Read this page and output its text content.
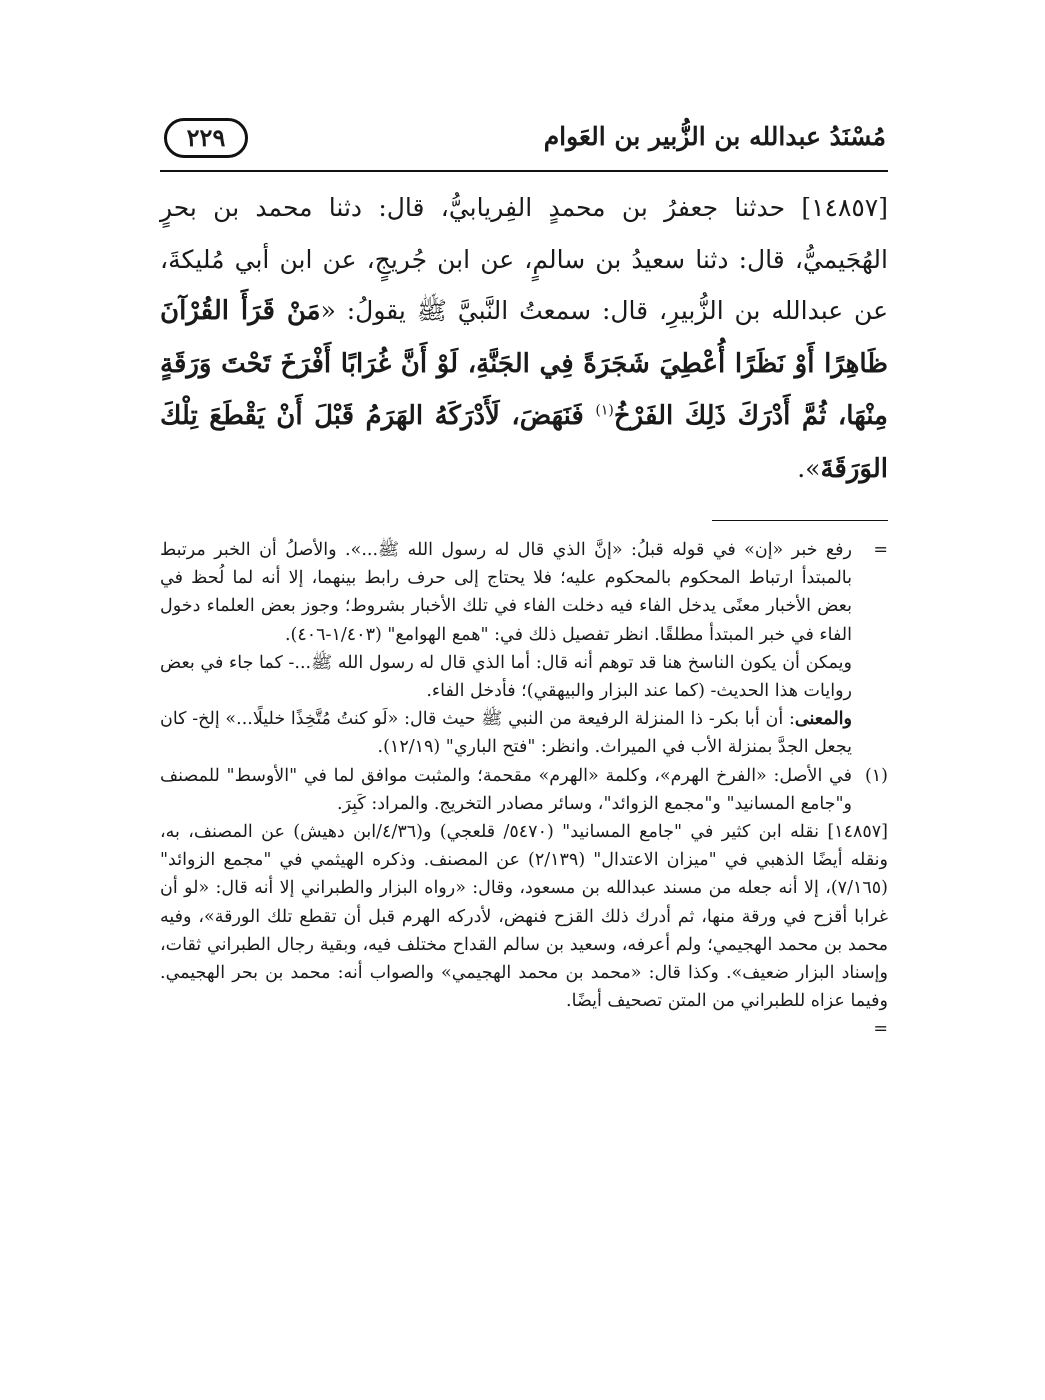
مُسْنَدُ عبدالله بن الزُّبير بن العَوام
٢٢٩
[١٤٨٥٧] حدثنا جعفرُ بن محمدٍ الفِريابيُّ، قال: دثنا محمد بن بحرٍ الهُجَيميُّ، قال: دثنا سعيدُ بن سالمٍ، عن ابن جُريجٍ، عن ابن أبي مُليكةَ، عن عبدالله بن الزُّبيرِ، قال: سمعتُ النَّبيَّ ﷺ يقولُ: «مَنْ قَرَأَ القُرْآنَ ظَاهِرًا أَوْ نَظَرًا أُعْطِيَ شَجَرَةً فِي الجَنَّةِ، لَوْ أَنَّ غُرَابًا أَفْرَخَ تَحْتَ وَرَقَةٍ مِنْهَا، ثُمَّ أَدْرَكَ ذَلِكَ الفَرْخُ$^{(١)}$ فَنَهَضَ، لَأَدْرَكَهُ الهَرَمُ قَبْلَ أَنْ يَقْطَعَ تِلْكَ الوَرَقَةَ».
=
رفع خبر «إن» في قوله قبلُ: «إنَّ الذي قال له رسول الله ﷺ...». والأصلُ أن الخبر مرتبط بالمبتدأ ارتباط المحكوم بالمحكوم عليه؛ فلا يحتاج إلى حرف رابط بينهما، إلا أنه لما لُحظ في بعض الأخبار معنًى يدخل الفاء فيه دخلت الفاء في تلك الأخبار بشروط؛ وجوز بعض العلماء دخول الفاء في خبر المبتدأ مطلقًا. انظر تفصيل ذلك في: "همع الهوامع" (١/٤٠٣-٤٠٦).
ويمكن أن يكون الناسخ هنا قد توهم أنه قال: أما الذي قال له رسول الله ﷺ...- كما جاء في بعض روايات هذا الحديث- (كما عند البزار والبيهقي)؛ فأدخل الفاء.
والمعنى: أن أبا بكر- ذا المنزلة الرفيعة من النبي ﷺ حيث قال: «لَو كنتُ مُتَّخِذًا خليلًا...» إلخ- كان يجعل الجدَّ بمنزلة الأب في الميراث. وانظر: "فتح الباري" (١٢/١٩).
(١)
في الأصل: «الفرخ الهرم»، وكلمة «الهرم» مقحمة؛ والمثبت موافق لما في "الأوسط" للمصنف و"جامع المسانيد" و"مجمع الزوائد"، وسائر مصادر التخريج. والمراد: كَبِرَ.
[١٤٨٥٧] نقله ابن كثير في "جامع المسانيد" (٥٤٧٠/ قلعجي) و(٤/٣٦/ابن دهيش) عن المصنف، به، ونقله أيضًا الذهبي في "ميزان الاعتدال" (٢/١٣٩) عن المصنف. وذكره الهيثمي في "مجمع الزوائد" (٧/١٦٥)، إلا أنه جعله من مسند عبدالله بن مسعود، وقال: «رواه البزار والطبراني إلا أنه قال: «لو أن غرابا أقزح في ورقة منها، ثم أدرك ذلك القزح فنهض، لأدركه الهرم قبل أن تقطع تلك الورقة»، وفيه محمد بن محمد الهجيمي؛ ولم أعرفه، وسعيد بن سالم القداح مختلف فيه، وبقية رجال الطبراني ثقات، وإسناد البزار ضعيف». وكذا قال: «محمد بن محمد الهجيمي» والصواب أنه: محمد بن بحر الهجيمي. وفيما عزاه للطبراني من المتن تصحيف أيضًا.
=
